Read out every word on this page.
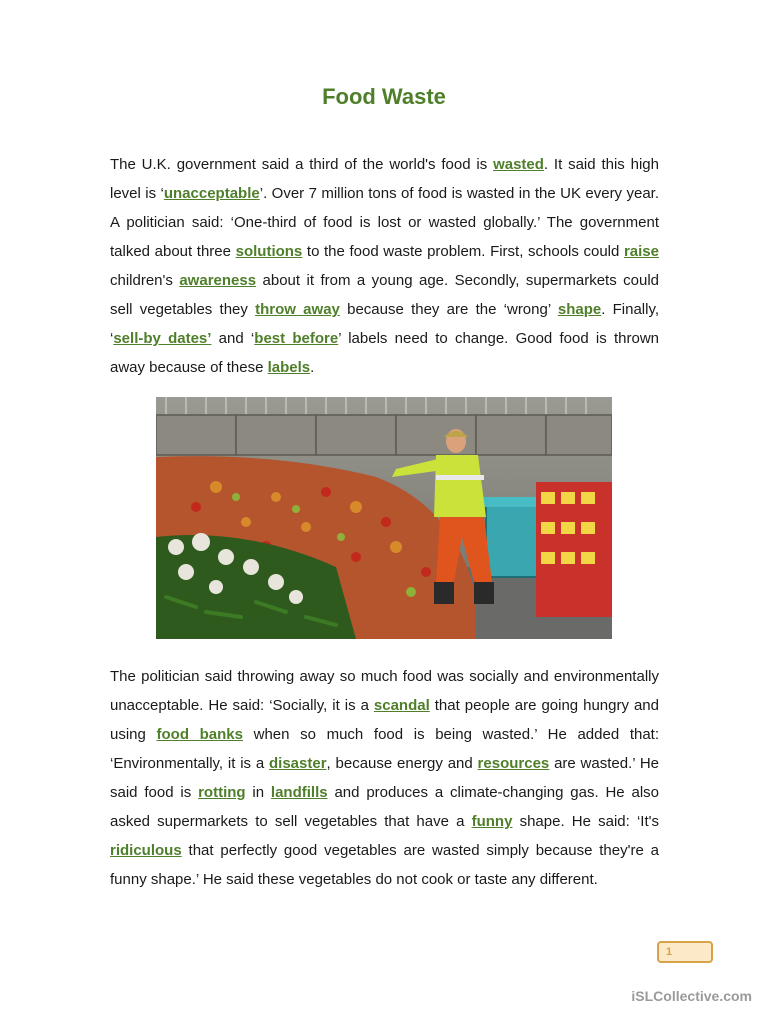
Food Waste

The U.K. government said a third of the world's food is wasted. It said this high level is ‘unacceptable’. Over 7 million tons of food is wasted in the UK every year. A politician said: ‘One-third of food is lost or wasted globally.’ The government talked about three solutions to the food waste problem. First, schools could raise children's awareness about it from a young age. Secondly, supermarkets could sell vegetables they throw away because they are the ‘wrong’ shape. Finally, ‘sell-by dates’ and ‘best before’ labels need to change. Good food is thrown away because of these labels.

The politician said throwing away so much food was socially and environmentally unacceptable. He said: ‘Socially, it is a scandal that people are going hungry and using food banks when so much food is being wasted.’ He added that: ‘Environmentally, it is a disaster, because energy and resources are wasted.’ He said food is rotting in landfills and produces a climate-changing gas. He also asked supermarkets to sell vegetables that have a funny shape. He said: ‘It's ridiculous that perfectly good vegetables are wasted simply because they're a funny shape.’ He said these vegetables do not cook or taste any different.

1
iSLCollective.com
